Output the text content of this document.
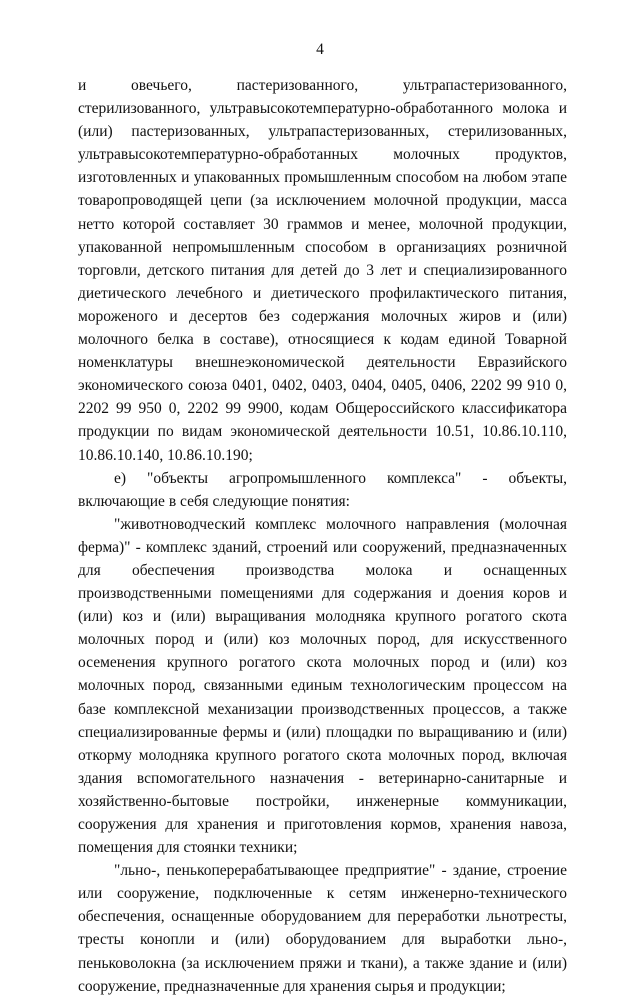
4

и овечьего, пастеризованного, ультрапастеризованного, стерилизованного, ультравысокотемпературно-обработанного молока и (или) пастеризованных, ультрапастеризованных, стерилизованных, ультравысокотемпературно-обработанных молочных продуктов, изготовленных и упакованных промышленным способом на любом этапе товаропроводящей цепи (за исключением молочной продукции, масса нетто которой составляет 30 граммов и менее, молочной продукции, упакованной непромышленным способом в организациях розничной торговли, детского питания для детей до 3 лет и специализированного диетического лечебного и диетического профилактического питания, мороженого и десертов без содержания молочных жиров и (или) молочного белка в составе), относящиеся к кодам единой Товарной номенклатуры внешнеэкономической деятельности Евразийского экономического союза 0401, 0402, 0403, 0404, 0405, 0406, 2202 99 910 0, 2202 99 950 0, 2202 99 9900, кодам Общероссийского классификатора продукции по видам экономической деятельности 10.51, 10.86.10.110, 10.86.10.140, 10.86.10.190;

е) "объекты агропромышленного комплекса" - объекты, включающие в себя следующие понятия:

"животноводческий комплекс молочного направления (молочная ферма)" - комплекс зданий, строений или сооружений, предназначенных для обеспечения производства молока и оснащенных производственными помещениями для содержания и доения коров и (или) коз и (или) выращивания молодняка крупного рогатого скота молочных пород и (или) коз молочных пород, для искусственного осеменения крупного рогатого скота молочных пород и (или) коз молочных пород, связанными единым технологическим процессом на базе комплексной механизации производственных процессов, а также специализированные фермы и (или) площадки по выращиванию и (или) откорму молодняка крупного рогатого скота молочных пород, включая здания вспомогательного назначения - ветеринарно-санитарные и хозяйственно-бытовые постройки, инженерные коммуникации, сооружения для хранения и приготовления кормов, хранения навоза, помещения для стоянки техники;

"льно-, пенькоперерабатывающее предприятие" - здание, строение или сооружение, подключенные к сетям инженерно-технического обеспечения, оснащенные оборудованием для переработки льнотресты, тресты конопли и (или) оборудованием для выработки льно-, пеньковолокна (за исключением пряжи и ткани), а также здание и (или) сооружение, предназначенные для хранения сырья и продукции;
